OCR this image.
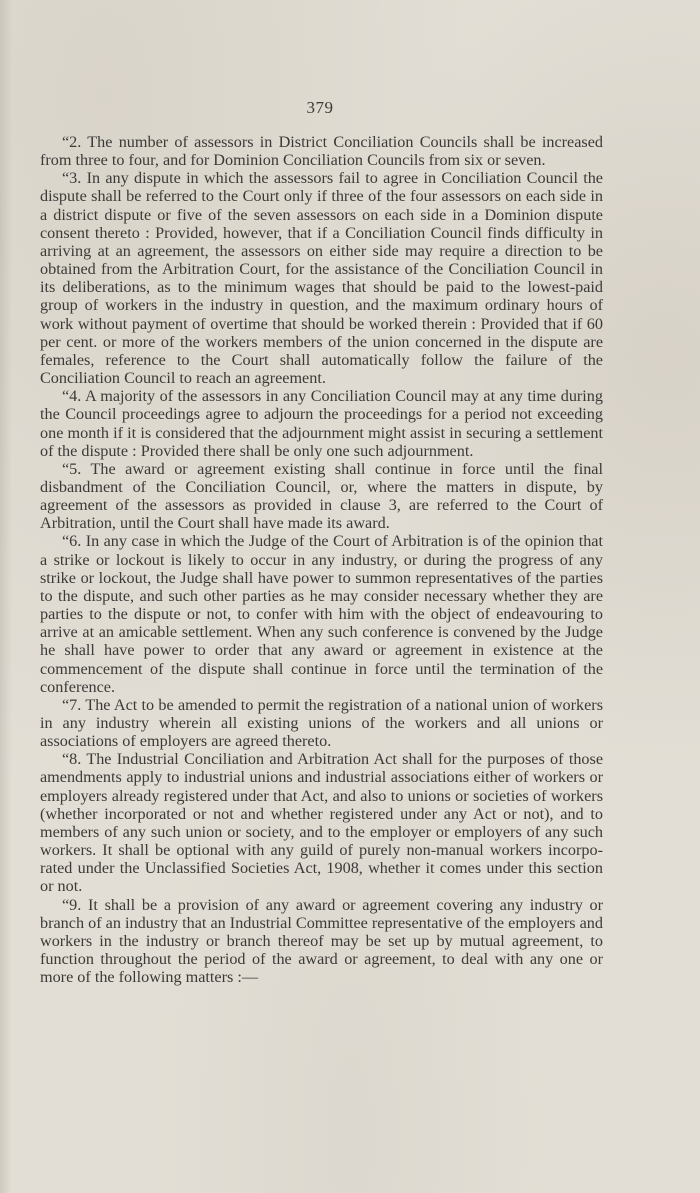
379

“2. The number of assessors in District Conciliation Councils shall be increased from three to four, and for Dominion Conciliation Councils from six or seven.

“3. In any dispute in which the assessors fail to agree in Conciliation Council the dispute shall be referred to the Court only if three of the four assessors on each side in a district dispute or five of the seven assessors on each side in a Dominion dispute consent thereto : Provided, however, that if a Conciliation Council finds difficulty in arriving at an agreement, the assessors on either side may require a direction to be obtained from the Arbitration Court, for the assistance of the Conciliation Council in its deliberations, as to the minimum wages that should be paid to the lowest-paid group of workers in the industry in question, and the maximum ordinary hours of work without payment of overtime that should be worked therein : Provided that if 60 per cent. or more of the workers members of the union concerned in the dispute are females, reference to the Court shall automatically follow the failure of the Conciliation Council to reach an agreement.

“4. A majority of the assessors in any Conciliation Council may at any time during the Council proceedings agree to adjourn the proceedings for a period not exceeding one month if it is considered that the adjournment might assist in securing a settlement of the dispute : Provided there shall be only one such adjournment.

“5. The award or agreement existing shall continue in force until the final disbandment of the Conciliation Council, or, where the matters in dispute, by agreement of the assessors as provided in clause 3, are referred to the Court of Arbitration, until the Court shall have made its award.

“6. In any case in which the Judge of the Court of Arbitration is of the opinion that a strike or lockout is likely to occur in any industry, or during the progress of any strike or lockout, the Judge shall have power to summon representatives of the parties to the dispute, and such other parties as he may consider necessary whether they are parties to the dispute or not, to confer with him with the object of endeavouring to arrive at an amicable settlement. When any such conference is convened by the Judge he shall have power to order that any award or agreement in existence at the commencement of the dispute shall continue in force until the termination of the conference.

“7. The Act to be amended to permit the registration of a national union of workers in any industry wherein all existing unions of the workers and all unions or associations of employers are agreed thereto.

“8. The Industrial Conciliation and Arbitration Act shall for the purposes of those amendments apply to industrial unions and industrial associations either of workers or employers already registered under that Act, and also to unions or societies of workers (whether incorporated or not and whether registered under any Act or not), and to members of any such union or society, and to the employer or employers of any such workers. It shall be optional with any guild of purely non-manual workers incorporated under the Unclassified Societies Act, 1908, whether it comes under this section or not.

“9. It shall be a provision of any award or agreement covering any industry or branch of an industry that an Industrial Committee representative of the employers and workers in the industry or branch thereof may be set up by mutual agreement, to function throughout the period of the award or agreement, to deal with any one or more of the following matters :—
